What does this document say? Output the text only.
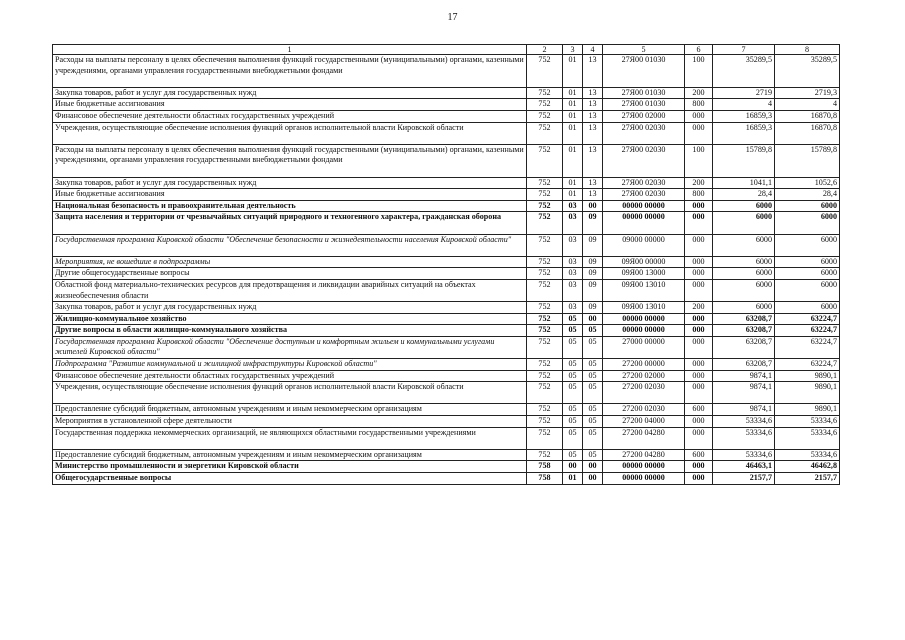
17
1	2	3	4	5	6	7	8
Расходы на выплаты персоналу в целях обеспечения выполнения функций государственными (муниципальными) органами, казенными учреждениями, органами управления государственными внебюджетными фондами	752	01	13	27Я00 01030	100	35289,5	35289,5
Закупка товаров, работ и услуг для государственных нужд	752	01	13	27Я00 01030	200	2719	2719,3
Иные бюджетные ассигнования	752	01	13	27Я00 01030	800	4	4
Финансовое обеспечение деятельности областных государственных учреждений	752	01	13	27Я00 02000	000	16859,3	16870,8
Учреждения, осуществляющие обеспечение исполнения функций органов исполнительной власти Кировской области	752	01	13	27Я00 02030	000	16859,3	16870,8
Расходы на выплаты персоналу в целях обеспечения выполнения функций государственными (муниципальными) органами, казенными учреждениями, органами управления государственными внебюджетными фондами	752	01	13	27Я00 02030	100	15789,8	15789,8
Закупка товаров, работ и услуг для государственных нужд	752	01	13	27Я00 02030	200	1041,1	1052,6
Иные бюджетные ассигнования	752	01	13	27Я00 02030	800	28,4	28,4
Национальная безопасность и правоохранительная деятельность	752	03	00	00000 00000	000	6000	6000
Защита населения и территории от чрезвычайных ситуаций природного и техногенного характера, гражданская оборона	752	03	09	00000 00000	000	6000	6000
Государственная программа Кировской области "Обеспечение безопасности и жизнедеятельности населения Кировской области"	752	03	09	09000 00000	000	6000	6000
Мероприятия, не вошедшие в подпрограммы	752	03	09	09Я00 00000	000	6000	6000
Другие общегосударственные вопросы	752	03	09	09Я00 13000	000	6000	6000
Областной фонд материально-технических ресурсов для предотвращения и ликвидации аварийных ситуаций на объектах жизнеобеспечения области	752	03	09	09Я00 13010	000	6000	6000
Закупка товаров, работ и услуг для государственных нужд	752	03	09	09Я00 13010	200	6000	6000
Жилищно-коммунальное хозяйство	752	05	00	00000 00000	000	63208,7	63224,7
Другие вопросы в области жилищно-коммунального хозяйства	752	05	05	00000 00000	000	63208,7	63224,7
Государственная программа Кировской области "Обеспечение доступным и комфортным жильем и коммунальными услугами жителей Кировской области"	752	05	05	27000 00000	000	63208,7	63224,7
Подпрограмма "Развитие коммунальной и жилищной инфраструктуры Кировской области"	752	05	05	27200 00000	000	63208,7	63224,7
Финансовое обеспечение деятельности областных государственных учреждений	752	05	05	27200 02000	000	9874,1	9890,1
Учреждения, осуществляющие обеспечение исполнения функций органов исполнительной власти Кировской области	752	05	05	27200 02030	000	9874,1	9890,1
Предоставление субсидий бюджетным, автономным учреждениям и иным некоммерческим организациям	752	05	05	27200 02030	600	9874,1	9890,1
Мероприятия в установленной сфере деятельности	752	05	05	27200 04000	000	53334,6	53334,6
Государственная поддержка некоммерческих организаций, не являющихся областными государственными учреждениями	752	05	05	27200 04280	000	53334,6	53334,6
Предоставление субсидий бюджетным, автономным учреждениям и иным некоммерческим организациям	752	05	05	27200 04280	600	53334,6	53334,6
Министерство промышленности и энергетики Кировской области	758	00	00	00000 00000	000	46463,1	46462,8
Общегосударственные вопросы	758	01	00	00000 00000	000	2157,7	2157,7
